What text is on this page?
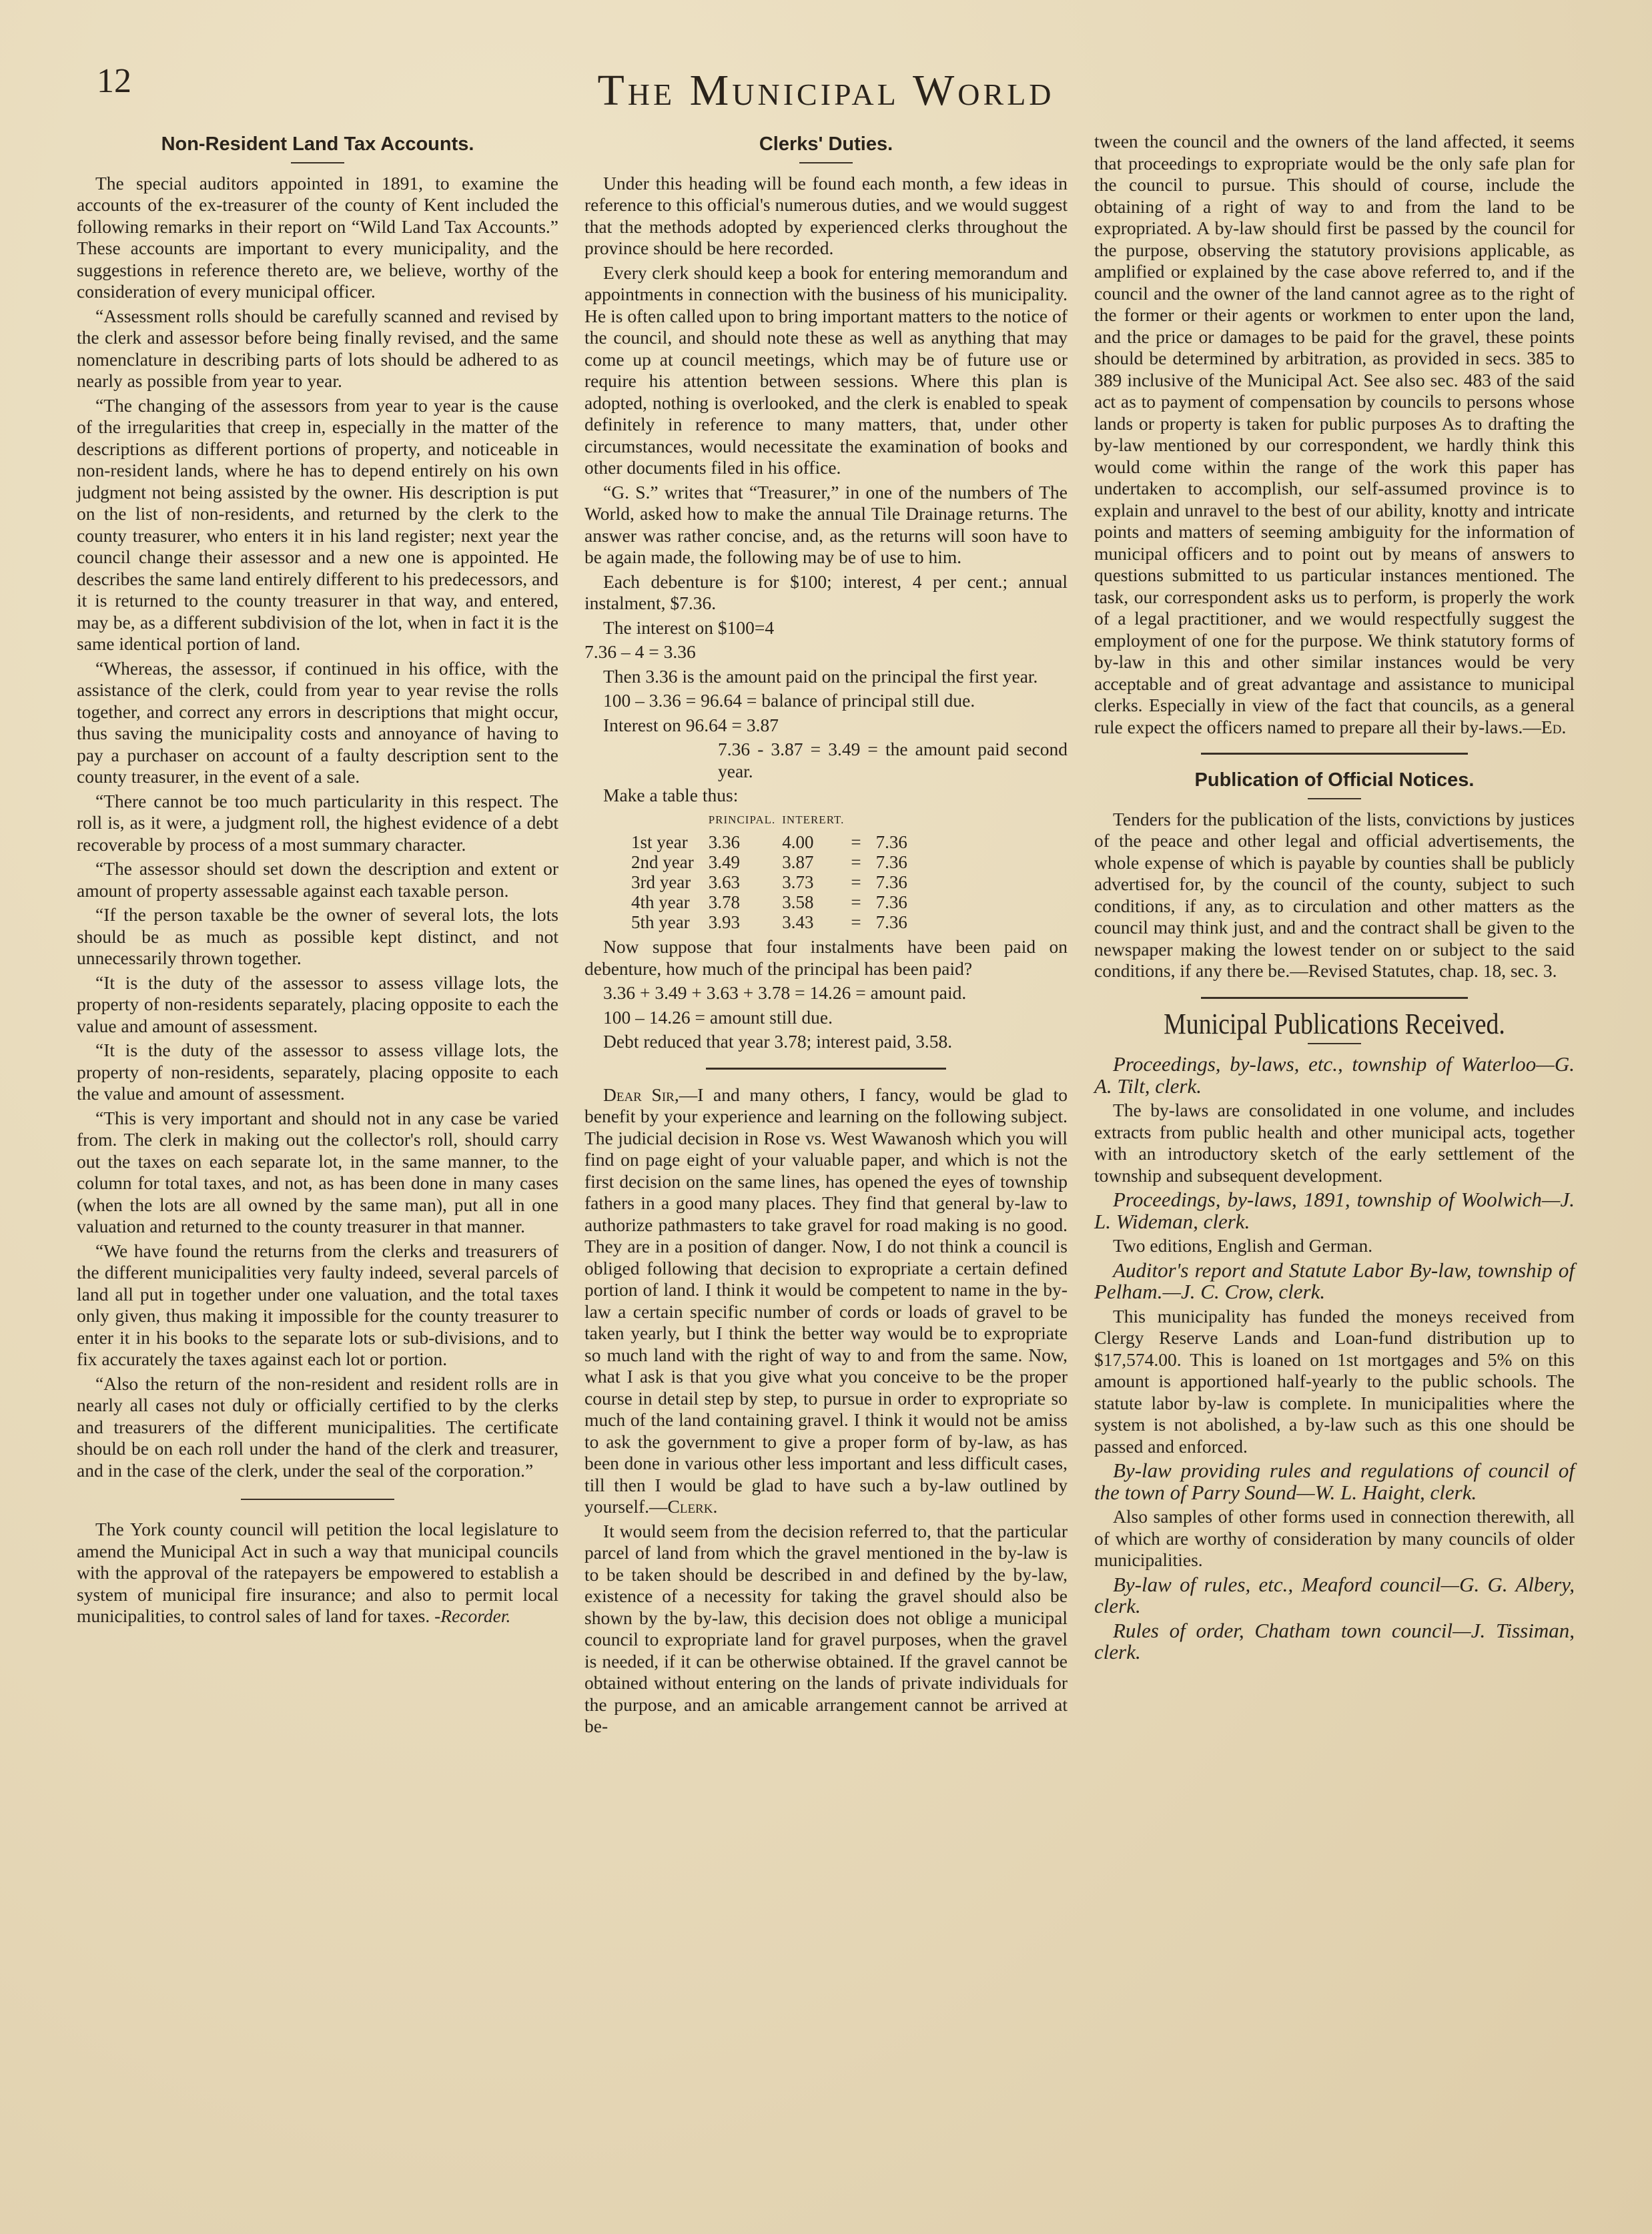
12	The Municipal World
Non-Resident Land Tax Accounts.

The special auditors appointed in 1891, to examine the accounts of the ex-treasurer of the county of Kent included the following remarks in their report on “Wild Land Tax Accounts.” These accounts are important to every municipality, and the suggestions in reference thereto are, we believe, worthy of the consideration of every municipal officer.

“Assessment rolls should be carefully scanned and revised by the clerk and assessor before being finally revised, and the same nomenclature in describing parts of lots should be adhered to as nearly as possible from year to year.

“The changing of the assessors from year to year is the cause of the irregularities that creep in, especially in the matter of the descriptions as different portions of property, and noticeable in non-resident lands, where he has to depend entirely on his own judgment not being assisted by the owner. His description is put on the list of non-residents, and returned by the clerk to the county treasurer, who enters it in his land register; next year the council change their assessor and a new one is appointed. He describes the same land entirely different to his predecessors, and it is returned to the county treasurer in that way, and entered, may be, as a different subdivision of the lot, when in fact it is the same identical portion of land.

“Whereas, the assessor, if continued in his office, with the assistance of the clerk, could from year to year revise the rolls together, and correct any errors in descriptions that might occur, thus saving the municipality costs and annoyance of having to pay a purchaser on account of a faulty description sent to the county treasurer, in the event of a sale.

“There cannot be too much particularity in this respect. The roll is, as it were, a judgment roll, the highest evidence of a debt recoverable by process of a most summary character.

“The assessor should set down the description and extent or amount of property assessable against each taxable person.

“If the person taxable be the owner of several lots, the lots should be as much as possible kept distinct, and not unnecessarily thrown together.

“It is the duty of the assessor to assess village lots, the property of non-residents separately, placing opposite to each the value and amount of assessment.

“It is the duty of the assessor to assess village lots, the property of non-residents, separately, placing opposite to each the value and amount of assessment.

“This is very important and should not in any case be varied from. The clerk in making out the collector's roll, should carry out the taxes on each separate lot, in the same manner, to the column for total taxes, and not, as has been done in many cases (when the lots are all owned by the same man), put all in one valuation and returned to the county treasurer in that manner.

“We have found the returns from the clerks and treasurers of the different municipalities very faulty indeed, several parcels of land all put in together under one valuation, and the total taxes only given, thus making it impossible for the county treasurer to enter it in his books to the separate lots or sub-divisions, and to fix accurately the taxes against each lot or portion.

“Also the return of the non-resident and resident rolls are in nearly all cases not duly or officially certified to by the clerks and treasurers of the different municipalities. The certificate should be on each roll under the hand of the clerk and treasurer, and in the case of the clerk, under the seal of the corporation.”

The York county council will petition the local legislature to amend the Municipal Act in such a way that municipal councils with the approval of the ratepayers be empowered to establish a system of municipal fire insurance; and also to permit local municipalities, to control sales of land for taxes. -Recorder.

Clerks' Duties.

Under this heading will be found each month, a few ideas in reference to this official's numerous duties, and we would suggest that the methods adopted by experienced clerks throughout the province should be here recorded.

Every clerk should keep a book for entering memorandum and appointments in connection with the business of his municipality. He is often called upon to bring important matters to the notice of the council, and should note these as well as anything that may come up at council meetings, which may be of future use or require his attention between sessions. Where this plan is adopted, nothing is overlooked, and the clerk is enabled to speak definitely in reference to many matters, that, under other circumstances, would necessitate the examination of books and other documents filed in his office.

“G. S.” writes that “Treasurer,” in one of the numbers of The World, asked how to make the annual Tile Drainage returns. The answer was rather concise, and, as the returns will soon have to be again made, the following may be of use to him.

Each debenture is for $100; interest, 4 per cent.; annual instalment, $7.36.

The interest on $100=4

7.36 – 4 = 3.36

Then 3.36 is the amount paid on the principal the first year.

100 – 3.36 = 96.64 = balance of principal still due.

Interest on 96.64 = 3.87

7.36 - 3.87 = 3.49 = the amount paid second year.

Make a table thus:

	PRINCIPAL.	INTERERT.		
1st year	3.36	4.00	=	7.36
2nd year	3.49	3.87	=	7.36
3rd year	3.63	3.73	=	7.36
4th year	3.78	3.58	=	7.36
5th year	3.93	3.43	=	7.36

Now suppose that four instalments have been paid on debenture, how much of the principal has been paid?

3.36 + 3.49 + 3.63 + 3.78 = 14.26 = amount paid.

100 – 14.26 = amount still due.

Debt reduced that year 3.78; interest paid, 3.58.

Dear Sir,—I and many others, I fancy, would be glad to benefit by your experience and learning on the following subject. The judicial decision in Rose vs. West Wawanosh which you will find on page eight of your valuable paper, and which is not the first decision on the same lines, has opened the eyes of township fathers in a good many places. They find that general by-law to authorize pathmasters to take gravel for road making is no good. They are in a position of danger. Now, I do not think a council is obliged following that decision to expropriate a certain defined portion of land. I think it would be competent to name in the by-law a certain specific number of cords or loads of gravel to be taken yearly, but I think the better way would be to expropriate so much land with the right of way to and from the same. Now, what I ask is that you give what you conceive to be the proper course in detail step by step, to pursue in order to expropriate so much of the land containing gravel. I think it would not be amiss to ask the government to give a proper form of by-law, as has been done in various other less important and less difficult cases, till then I would be glad to have such a by-law outlined by yourself.—Clerk.

It would seem from the decision referred to, that the particular parcel of land from which the gravel mentioned in the by-law is to be taken should be described in and defined by the by-law, existence of a necessity for taking the gravel should also be shown by the by-law, this decision does not oblige a municipal council to expropriate land for gravel purposes, when the gravel is needed, if it can be otherwise obtained. If the gravel cannot be obtained without entering on the lands of private individuals for the purpose, and an amicable arrangement cannot be arrived at be-

tween the council and the owners of the land affected, it seems that proceedings to expropriate would be the only safe plan for the council to pursue. This should of course, include the obtaining of a right of way to and from the land to be expropriated. A by-law should first be passed by the council for the purpose, observing the statutory provisions applicable, as amplified or explained by the case above referred to, and if the council and the owner of the land cannot agree as to the right of the former or their agents or workmen to enter upon the land, and the price or damages to be paid for the gravel, these points should be determined by arbitration, as provided in secs. 385 to 389 inclusive of the Municipal Act. See also sec. 483 of the said act as to payment of compensation by councils to persons whose lands or property is taken for public purposes As to drafting the by-law mentioned by our correspondent, we hardly think this would come within the range of the work this paper has undertaken to accomplish, our self-assumed province is to explain and unravel to the best of our ability, knotty and intricate points and matters of seeming ambiguity for the information of municipal officers and to point out by means of answers to questions submitted to us particular instances mentioned. The task, our correspondent asks us to perform, is properly the work of a legal practitioner, and we would respectfully suggest the employment of one for the purpose. We think statutory forms of by-law in this and other similar instances would be very acceptable and of great advantage and assistance to municipal clerks. Especially in view of the fact that councils, as a general rule expect the officers named to prepare all their by-laws.—Ed.

Publication of Official Notices.

Tenders for the publication of the lists, convictions by justices of the peace and other legal and official advertisements, the whole expense of which is payable by counties shall be publicly advertised for, by the council of the county, subject to such conditions, if any, as to circulation and other matters as the council may think just, and and the contract shall be given to the newspaper making the lowest tender on or subject to the said conditions, if any there be.—Revised Statutes, chap. 18, sec. 3.

Municipal Publications Received.

Proceedings, by-laws, etc., township of Waterloo—G. A. Tilt, clerk.

The by-laws are consolidated in one volume, and includes extracts from public health and other municipal acts, together with an introductory sketch of the early settlement of the township and subsequent development.

Proceedings, by-laws, 1891, township of Woolwich—J. L. Wideman, clerk.

Two editions, English and German.

Auditor's report and Statute Labor By-law, township of Pelham.—J. C. Crow, clerk.

This municipality has funded the moneys received from Clergy Reserve Lands and Loan-fund distribution up to $17,574.00. This is loaned on 1st mortgages and 5% on this amount is apportioned half-yearly to the public schools. The statute labor by-law is complete. In municipalities where the system is not abolished, a by-law such as this one should be passed and enforced.

By-law providing rules and regulations of council of the town of Parry Sound—W. L. Haight, clerk.

Also samples of other forms used in connection therewith, all of which are worthy of consideration by many councils of older municipalities.

By-law of rules, etc., Meaford council—G. G. Albery, clerk.

Rules of order, Chatham town council—J. Tissiman, clerk.
